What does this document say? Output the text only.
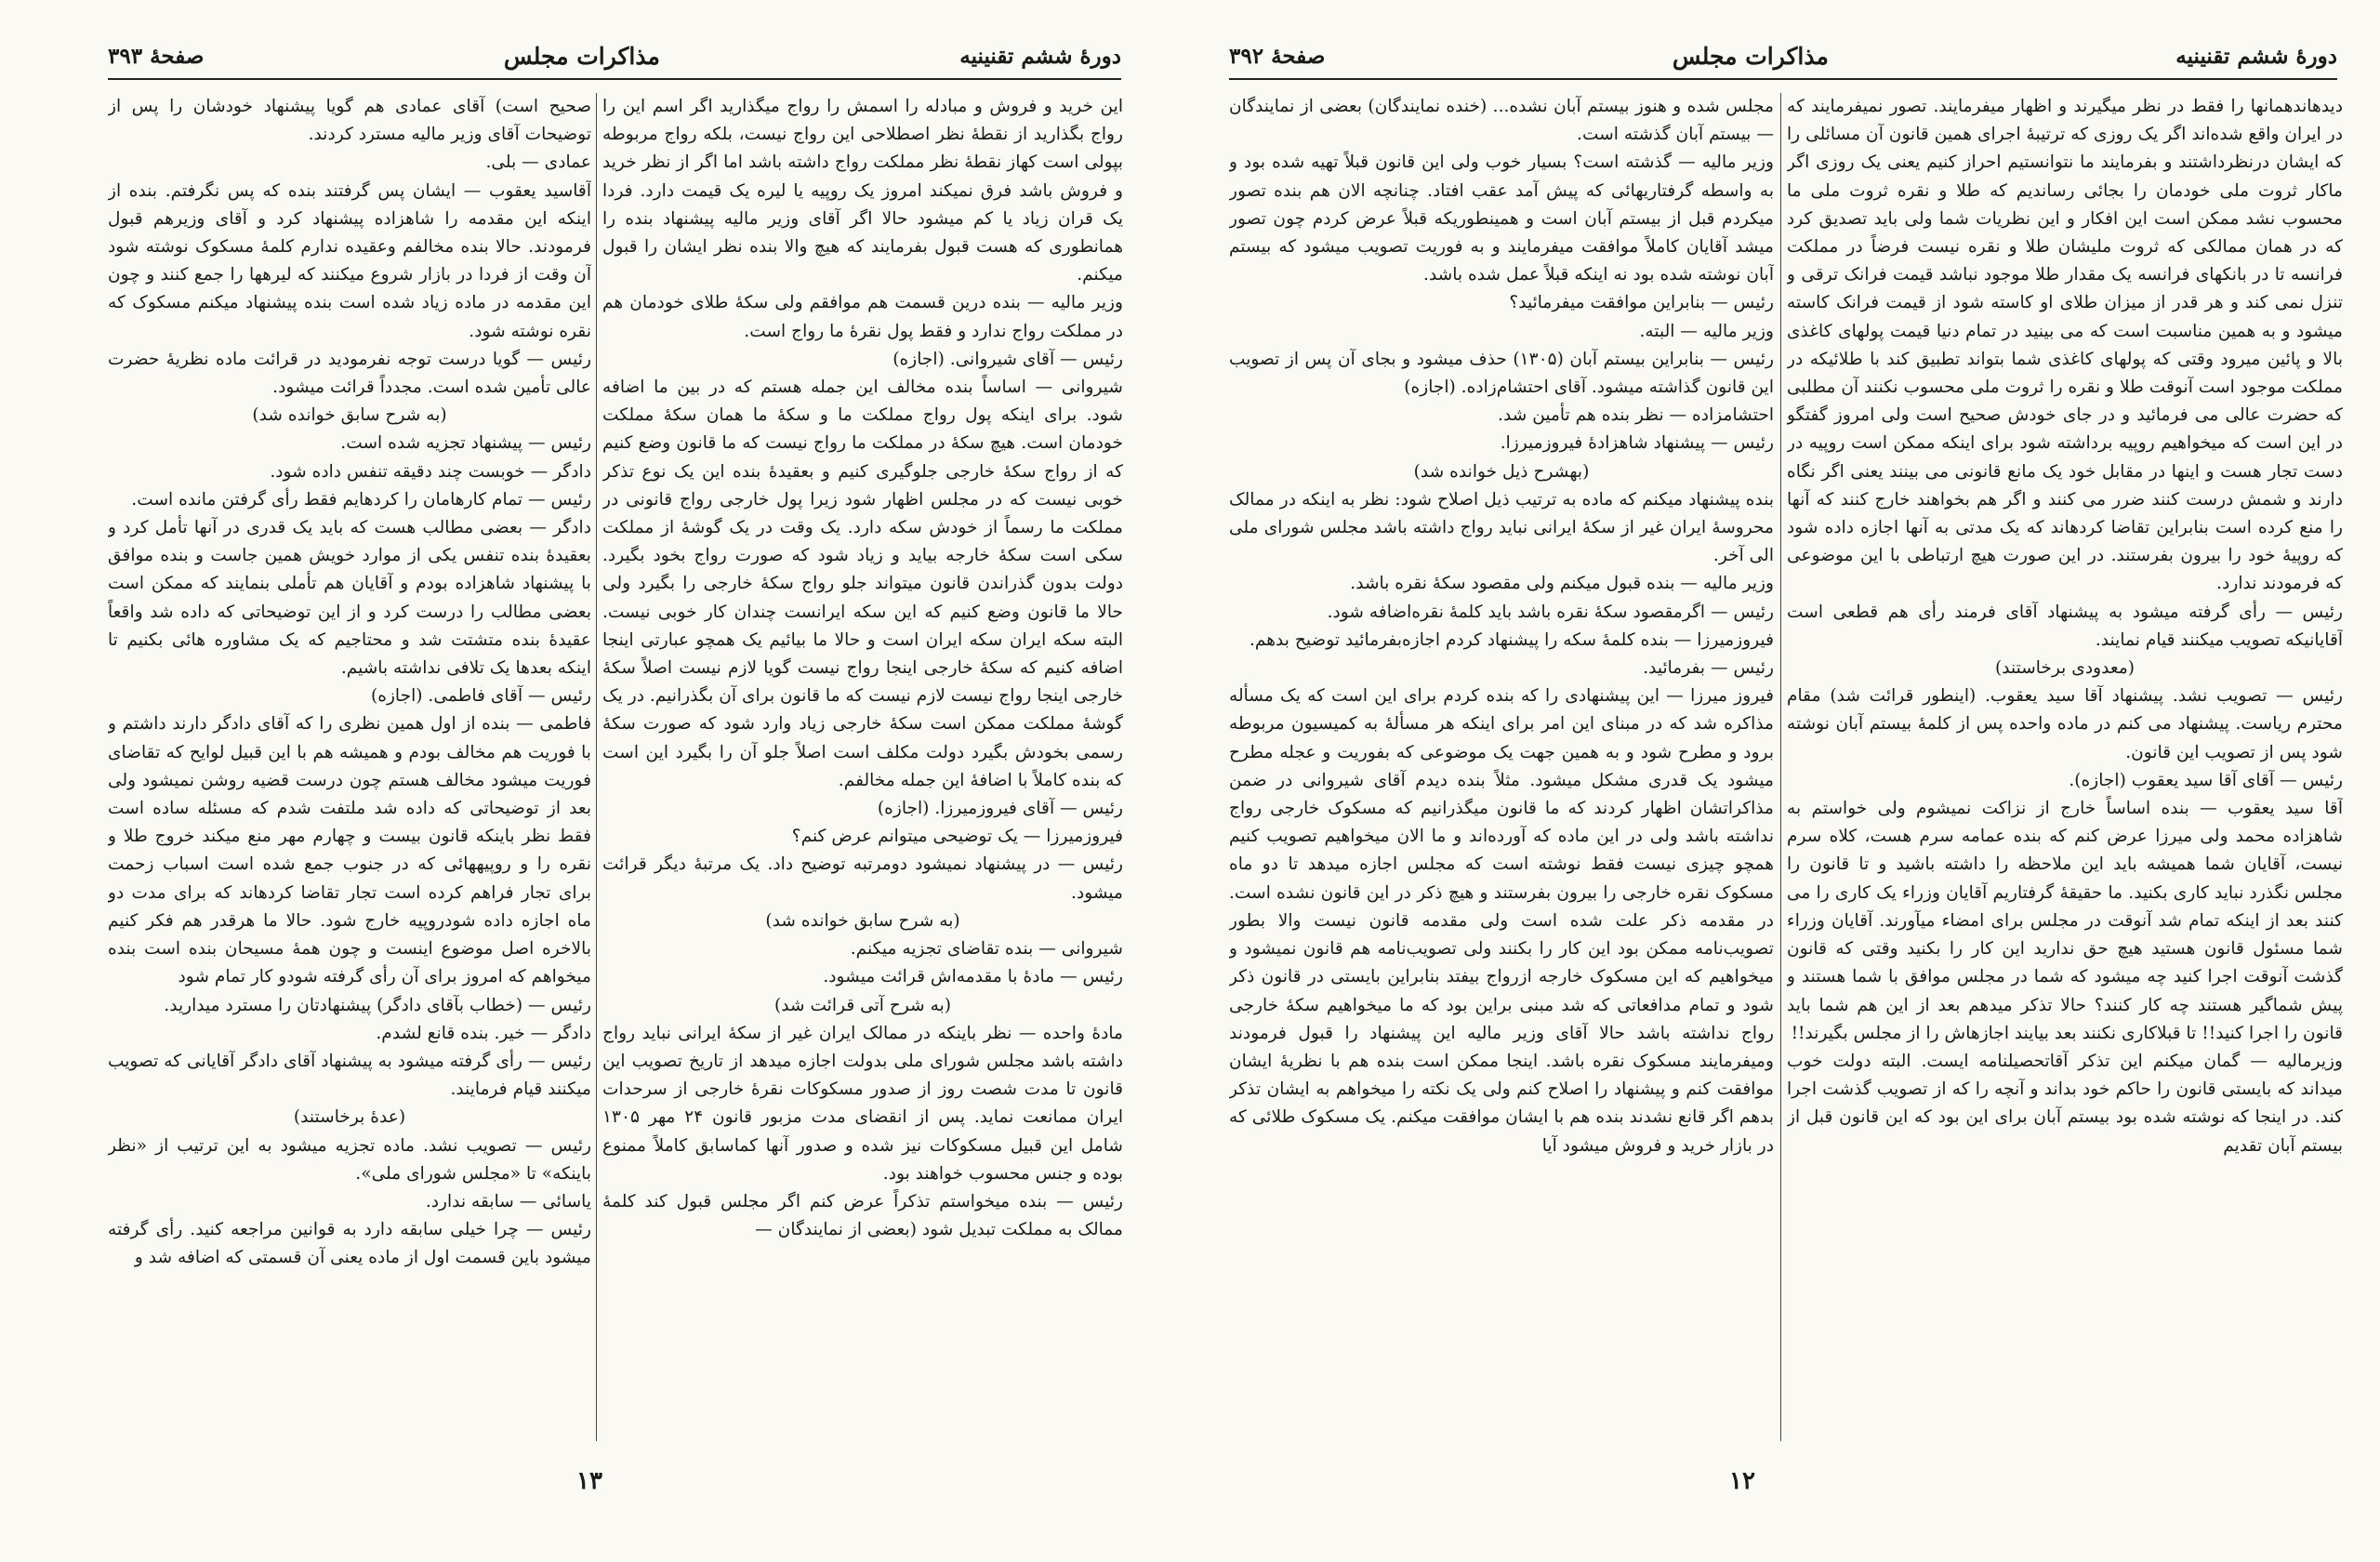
دورهٔ ششم تقنینیه
مذاکرات مجلس
صفحهٔ ۳۹۳

این خرید و فروش و مبادله را اسمش را رواج میگذارید اگر اسم این را رواج بگذارید از نقطهٔ نظر اصطلاحی این رواج نیست، بلکه رواج مربوطه بپولی است کهاز نقطهٔ نظر مملکت رواج داشته باشد اما اگر از نظر خرید و فروش باشد فرق نمیکند امروز یک روپیه یا لیره یک قیمت دارد. فردا یک قران زیاد یا کم میشود حالا اگر آقای وزیر مالیه پیشنهاد بنده را همانطوری که هست قبول بفرمایند که هیچ والا بنده نظر ایشان را قبول میکنم.

وزیر مالیه — بنده درین قسمت هم موافقم ولی سکهٔ طلای خودمان هم در مملکت رواج ندارد و فقط پول نقرهٔ ما رواج است.

رئیس — آقای شیروانی. (اجازه)

شیروانی — اساساً بنده مخالف این جمله هستم که در بین ما اضافه شود. برای اینکه پول رواج مملکت ما و سکهٔ ما همان سکهٔ مملکت خودمان است. هیچ سکهٔ در مملکت ما رواج نیست که ما قانون وضع کنیم که از رواج سکهٔ خارجی جلوگیری کنیم و بعقیدهٔ بنده این یک نوع تذکر خوبی نیست که در مجلس اظهار شود زیرا پول خارجی رواج قانونی در مملکت ما رسماً از خودش سکه دارد. یک وقت در یک گوشهٔ از مملکت سکی است سکهٔ خارجه بیاید و زیاد شود که صورت رواج بخود بگیرد. دولت بدون گذراندن قانون میتواند جلو رواج سکهٔ خارجی را بگیرد ولی حالا ما قانون وضع کنیم که این سکه ایرانست چندان کار خوبی نیست. البته سکه ایران سکه ایران است و حالا ما بیائیم یک همچو عبارتی اینجا اضافه کنیم که سکهٔ خارجی اینجا رواج نیست گویا لازم نیست اصلاً سکهٔ خارجی اینجا رواج نیست لازم نیست که ما قانون برای آن بگذرانیم. در یک گوشهٔ مملکت ممکن است سکهٔ خارجی زیاد وارد شود که صورت سکهٔ رسمی بخودش بگیرد دولت مکلف است اصلاً جلو آن را بگیرد این است که بنده کاملاً با اضافهٔ این جمله مخالفم.

رئیس — آقای فیروزمیرزا. (اجازه)

فیروزمیرزا — یک توضیحی میتوانم عرض کنم؟

رئیس — در پیشنهاد نمیشود دومرتبه توضیح داد. یک مرتبهٔ دیگر قرائت میشود.

(به شرح سابق خوانده شد)

شیروانی — بنده تقاضای تجزیه میکنم.

رئیس — مادهٔ با مقدمه‌اش قرائت میشود.

(به شرح آتی قرائت شد)

مادهٔ واحده — نظر باینکه در ممالک ایران غیر از سکهٔ ایرانی نباید رواج داشته باشد مجلس شورای ملی بدولت اجازه میدهد از تاریخ تصویب این قانون تا مدت شصت روز از صدور مسکوکات نقرهٔ خارجی از سرحدات ایران ممانعت نماید. پس از انقضای مدت مزبور قانون ۲۴ مهر ۱۳۰۵ شامل این قبیل مسکوکات نیز شده و صدور آنها کماسابق کاملاً ممنوع بوده و جنس محسوب خواهند بود.

رئیس — بنده میخواستم تذکراً عرض کنم اگر مجلس قبول کند کلمهٔ ممالک به مملکت تبدیل شود (بعضی از نمایندگان —

صحیح است) آقای عمادی هم گویا پیشنهاد خودشان را پس از توضیحات آقای وزیر مالیه مسترد کردند.

عمادی — بلی.

آقاسید یعقوب — ایشان پس گرفتند بنده که پس نگرفتم. بنده از اینکه این مقدمه را شاهزاده پیشنهاد کرد و آقای وزیرهم قبول فرمودند. حالا بنده مخالفم وعقیده ندارم کلمهٔ مسکوک نوشته شود آن وقت از فردا در بازار شروع میکنند که لیرهها را جمع کنند و چون این مقدمه در ماده زیاد شده است بنده پیشنهاد میکنم مسکوک که نقره نوشته شود.

رئیس — گویا درست توجه نفرمودید در قرائت ماده نظریهٔ حضرت عالی تأمین شده است. مجدداً قرائت میشود.

(به شرح سابق خوانده شد)

رئیس — پیشنهاد تجزیه شده است.

دادگر — خوبست چند دقیقه تنفس داده شود.

رئیس — تمام کارهامان را کردهایم فقط رأی گرفتن مانده است.

دادگر — بعضی مطالب هست که باید یک قدری در آنها تأمل کرد و بعقیدهٔ بنده تنفس یکی از موارد خویش همین جاست و بنده موافق با پیشنهاد شاهزاده بودم و آقایان هم تأملی بنمایند که ممکن است بعضی مطالب را درست کرد و از این توضیحاتی که داده شد واقعاً عقیدهٔ بنده متشتت شد و محتاجیم که یک مشاوره هائی بکنیم تا اینکه بعدها یک تلافی نداشته باشیم.

رئیس — آقای فاطمی. (اجازه)

فاطمی — بنده از اول همین نظری را که آقای دادگر دارند داشتم و با فوریت هم مخالف بودم و همیشه هم با این قبیل لوایح که تقاضای فوریت میشود مخالف هستم چون درست قضیه روشن نمیشود ولی بعد از توضیحاتی که داده شد ملتفت شدم که مسئله ساده است فقط نظر باینکه قانون بیست و چهارم مهر منع میکند خروج طلا و نقره را و روپیههائی که در جنوب جمع شده است اسباب زحمت برای تجار فراهم کرده است تجار تقاضا کردهاند که برای مدت دو ماه اجازه داده شودروپیه خارج شود. حالا ما هرقدر هم فکر کنیم بالاخره اصل موضوع اینست و چون همهٔ مسیحان بنده است بنده میخواهم که امروز برای آن رأی گرفته شودو کار تمام شود

رئیس — (خطاب بآقای دادگر) پیشنهادتان را مسترد میدارید.

دادگر — خیر. بنده قانع لشدم.

رئیس — رأی گرفته میشود به پیشنهاد آقای دادگر آقایانی که تصویب میکنند قیام فرمایند.

(عدهٔ برخاستند)

رئیس — تصویب نشد. ماده تجزیه میشود به این ترتیب از «نظر باینکه» تا «مجلس شورای ملی».

یاسائی — سابقه ندارد.

رئیس — چرا خیلی سابقه دارد به قوانین مراجعه کنید. رأی گرفته میشود باین قسمت اول از ماده یعنی آن قسمتی که اضافه شد و

۱۳
دورهٔ ششم تقنینیه
مذاکرات مجلس
صفحهٔ ۳۹۲

دیدهاندهمانها را فقط در نظر میگیرند و اظهار میفرمایند. تصور نمیفرمایند که در ایران واقع شده‌اند اگر یک روزی که ترتیبهٔ اجرای همین قانون آن مسائلی را که ایشان درنظرداشتند و بفرمایند ما نتوانستیم احراز کنیم یعنی یک روزی اگر ماکار ثروت ملی خودمان را بجائی رساندیم که طلا و نقره ثروت ملی ما محسوب نشد ممکن است این افکار و این نظریات شما ولی باید تصدیق کرد که در همان ممالکی که ثروت ملیشان طلا و نقره نیست فرضاً در مملکت فرانسه تا در بانکهای فرانسه یک مقدار طلا موجود نباشد قیمت فرانک ترقی و تنزل نمی کند و هر قدر از میزان طلای او کاسته شود از قیمت فرانک کاسته میشود و به همین مناسبت است که می بینید در تمام دنیا قیمت پولهای کاغذی بالا و پائین میرود وقتی که پولهای کاغذی شما بتواند تطبیق کند با طلائیکه در مملکت موجود است آنوقت طلا و نقره را ثروت ملی محسوب نکنند آن مطلبی که حضرت عالی می فرمائید و در جای خودش صحیح است ولی امروز گفتگو در این است که میخواهیم روپیه برداشته شود برای اینکه ممکن است روپیه در دست تجار هست و اینها در مقابل خود یک مانع قانونی می بینند یعنی اگر نگاه دارند و شمش درست کنند ضرر می کنند و اگر هم بخواهند خارج کنند که آنها را منع کرده است بنابراین تقاضا کردهاند که یک مدتی به آنها اجازه داده شود که روپیهٔ خود را بیرون بفرستند. در این صورت هیچ ارتباطی با این موضوعی که فرمودند ندارد.

رئیس — رأی گرفته میشود به پیشنهاد آقای فرمند رأی هم قطعی است آقایانیکه تصویب میکنند قیام نمایند.

(معدودی برخاستند)

رئیس — تصویب نشد. پیشنهاد آقا سید یعقوب. (اینطور قرائت شد) مقام محترم ریاست. پیشنهاد می کنم در ماده واحده پس از کلمهٔ بیستم آبان نوشته شود پس از تصویب این قانون.

رئیس — آقای آقا سید یعقوب (اجازه).

آقا سید یعقوب — بنده اساساً خارج از نزاکت نمیشوم ولی خواستم به شاهزاده محمد ولی میرزا عرض کنم که بنده عمامه سرم هست، کلاه سرم نیست، آقایان شما همیشه باید این ملاحظه را داشته باشید و تا قانون را مجلس نگذرد نباید کاری بکنید. ما حقیقهٔ گرفتاریم آقایان وزراء یک کاری را می کنند بعد از اینکه تمام شد آنوقت در مجلس برای امضاء میآورند. آقایان وزراء شما مسئول قانون هستید هیچ حق ندارید این کار را بکنید وقتی که قانون گذشت آنوقت اجرا کنید چه میشود که شما در مجلس موافق با شما هستند و پیش شماگیر هستند چه کار کنند؟ حالا تذکر میدهم بعد از این هم شما باید قانون را اجرا کنید!! تا قبلاکاری نکنند بعد بیایند اجازهاش را از مجلس بگیرند!!

وزیرمالیه — گمان میکنم این تذکر آقاتحصیلنامه ایست. البته دولت خوب میداند که بایستی قانون را حاکم خود بداند و آنچه را که از تصویب گذشت اجرا کند. در اینجا که نوشته شده بود بیستم آبان برای این بود که این قانون قبل از بیستم آبان تقدیم

مجلس شده و هنوز بیستم آبان نشده... (خنده نمایندگان) بعضی از نمایندگان — بیستم آبان گذشته است.

وزیر مالیه — گذشته است؟ بسیار خوب ولی این قانون قبلاً تهیه شده بود و به واسطه گرفتاریهائی که پیش آمد عقب افتاد. چنانچه الان هم بنده تصور میکردم قبل از بیستم آبان است و همینطوریکه قبلاً عرض کردم چون تصور میشد آقایان کاملاً موافقت میفرمایند و به فوریت تصویب میشود که بیستم آبان نوشته شده بود نه اینکه قبلاً عمل شده باشد.

رئیس — بنابراین موافقت میفرمائید؟

وزیر مالیه — البته.

رئیس — بنابراین بیستم آبان (۱۳۰۵) حذف میشود و بجای آن پس از تصویب این قانون گذاشته میشود. آقای احتشام‌زاده. (اجازه)

احتشامزاده — نظر بنده هم تأمین شد.

رئیس — پیشنهاد شاهزادهٔ فیروزمیرزا.

(بهشرح ذیل خوانده شد)

بنده پیشنهاد میکنم که ماده به ترتیب ذیل اصلاح شود: نظر به اینکه در ممالک محروسهٔ ایران غیر از سکهٔ ایرانی نباید رواج داشته باشد مجلس شورای ملی الی آخر.

وزیر مالیه — بنده قبول میکنم ولی مقصود سکهٔ نقره باشد.

رئیس — اگرمقصود سکهٔ نقره باشد باید کلمهٔ نقره‌اضافه شود.

فیروزمیرزا — بنده کلمهٔ سکه را پیشنهاد کردم اجازه‌بفرمائید توضیح بدهم.

رئیس — بفرمائید.

فیروز میرزا — این پیشنهادی را که بنده کردم برای این است که یک مسأله مذاکره شد که در مبنای این امر برای اینکه هر مسألهٔ به کمیسیون مربوطه برود و مطرح شود و به همین جهت یک موضوعی که بفوریت و عجله مطرح میشود یک قدری مشکل میشود. مثلاً بنده دیدم آقای شیروانی در ضمن مذاکراتشان اظهار کردند که ما قانون میگذرانیم که مسکوک خارجی رواج نداشته باشد ولی در این ماده که آورده‌اند و ما الان میخواهیم تصویب کنیم همچو چیزی نیست فقط نوشته است که مجلس اجازه میدهد تا دو ماه مسکوک نقره خارجی را بیرون بفرستند و هیچ ذکر در این قانون نشده است. در مقدمه ذکر علت شده است ولی مقدمه قانون نیست والا بطور تصویب‌نامه ممکن بود این کار را بکنند ولی تصویب‌نامه هم قانون نمیشود و میخواهیم که این مسکوک خارجه ازرواج بیفتد بنابراین بایستی در قانون ذکر شود و تمام مدافعاتی که شد مبنی براین بود که ما میخواهیم سکهٔ خارجی رواج نداشته باشد حالا آقای وزیر مالیه این پیشنهاد را قبول فرمودند ومیفرمایند مسکوک نقره باشد. اینجا ممکن است بنده هم با نظریهٔ ایشان موافقت کنم و پیشنهاد را اصلاح کنم ولی یک نکته را میخواهم به ایشان تذکر بدهم اگر قانع نشدند بنده هم با ایشان موافقت میکنم. یک مسکوک طلائی که در بازار خرید و فروش میشود آیا

۱۲
